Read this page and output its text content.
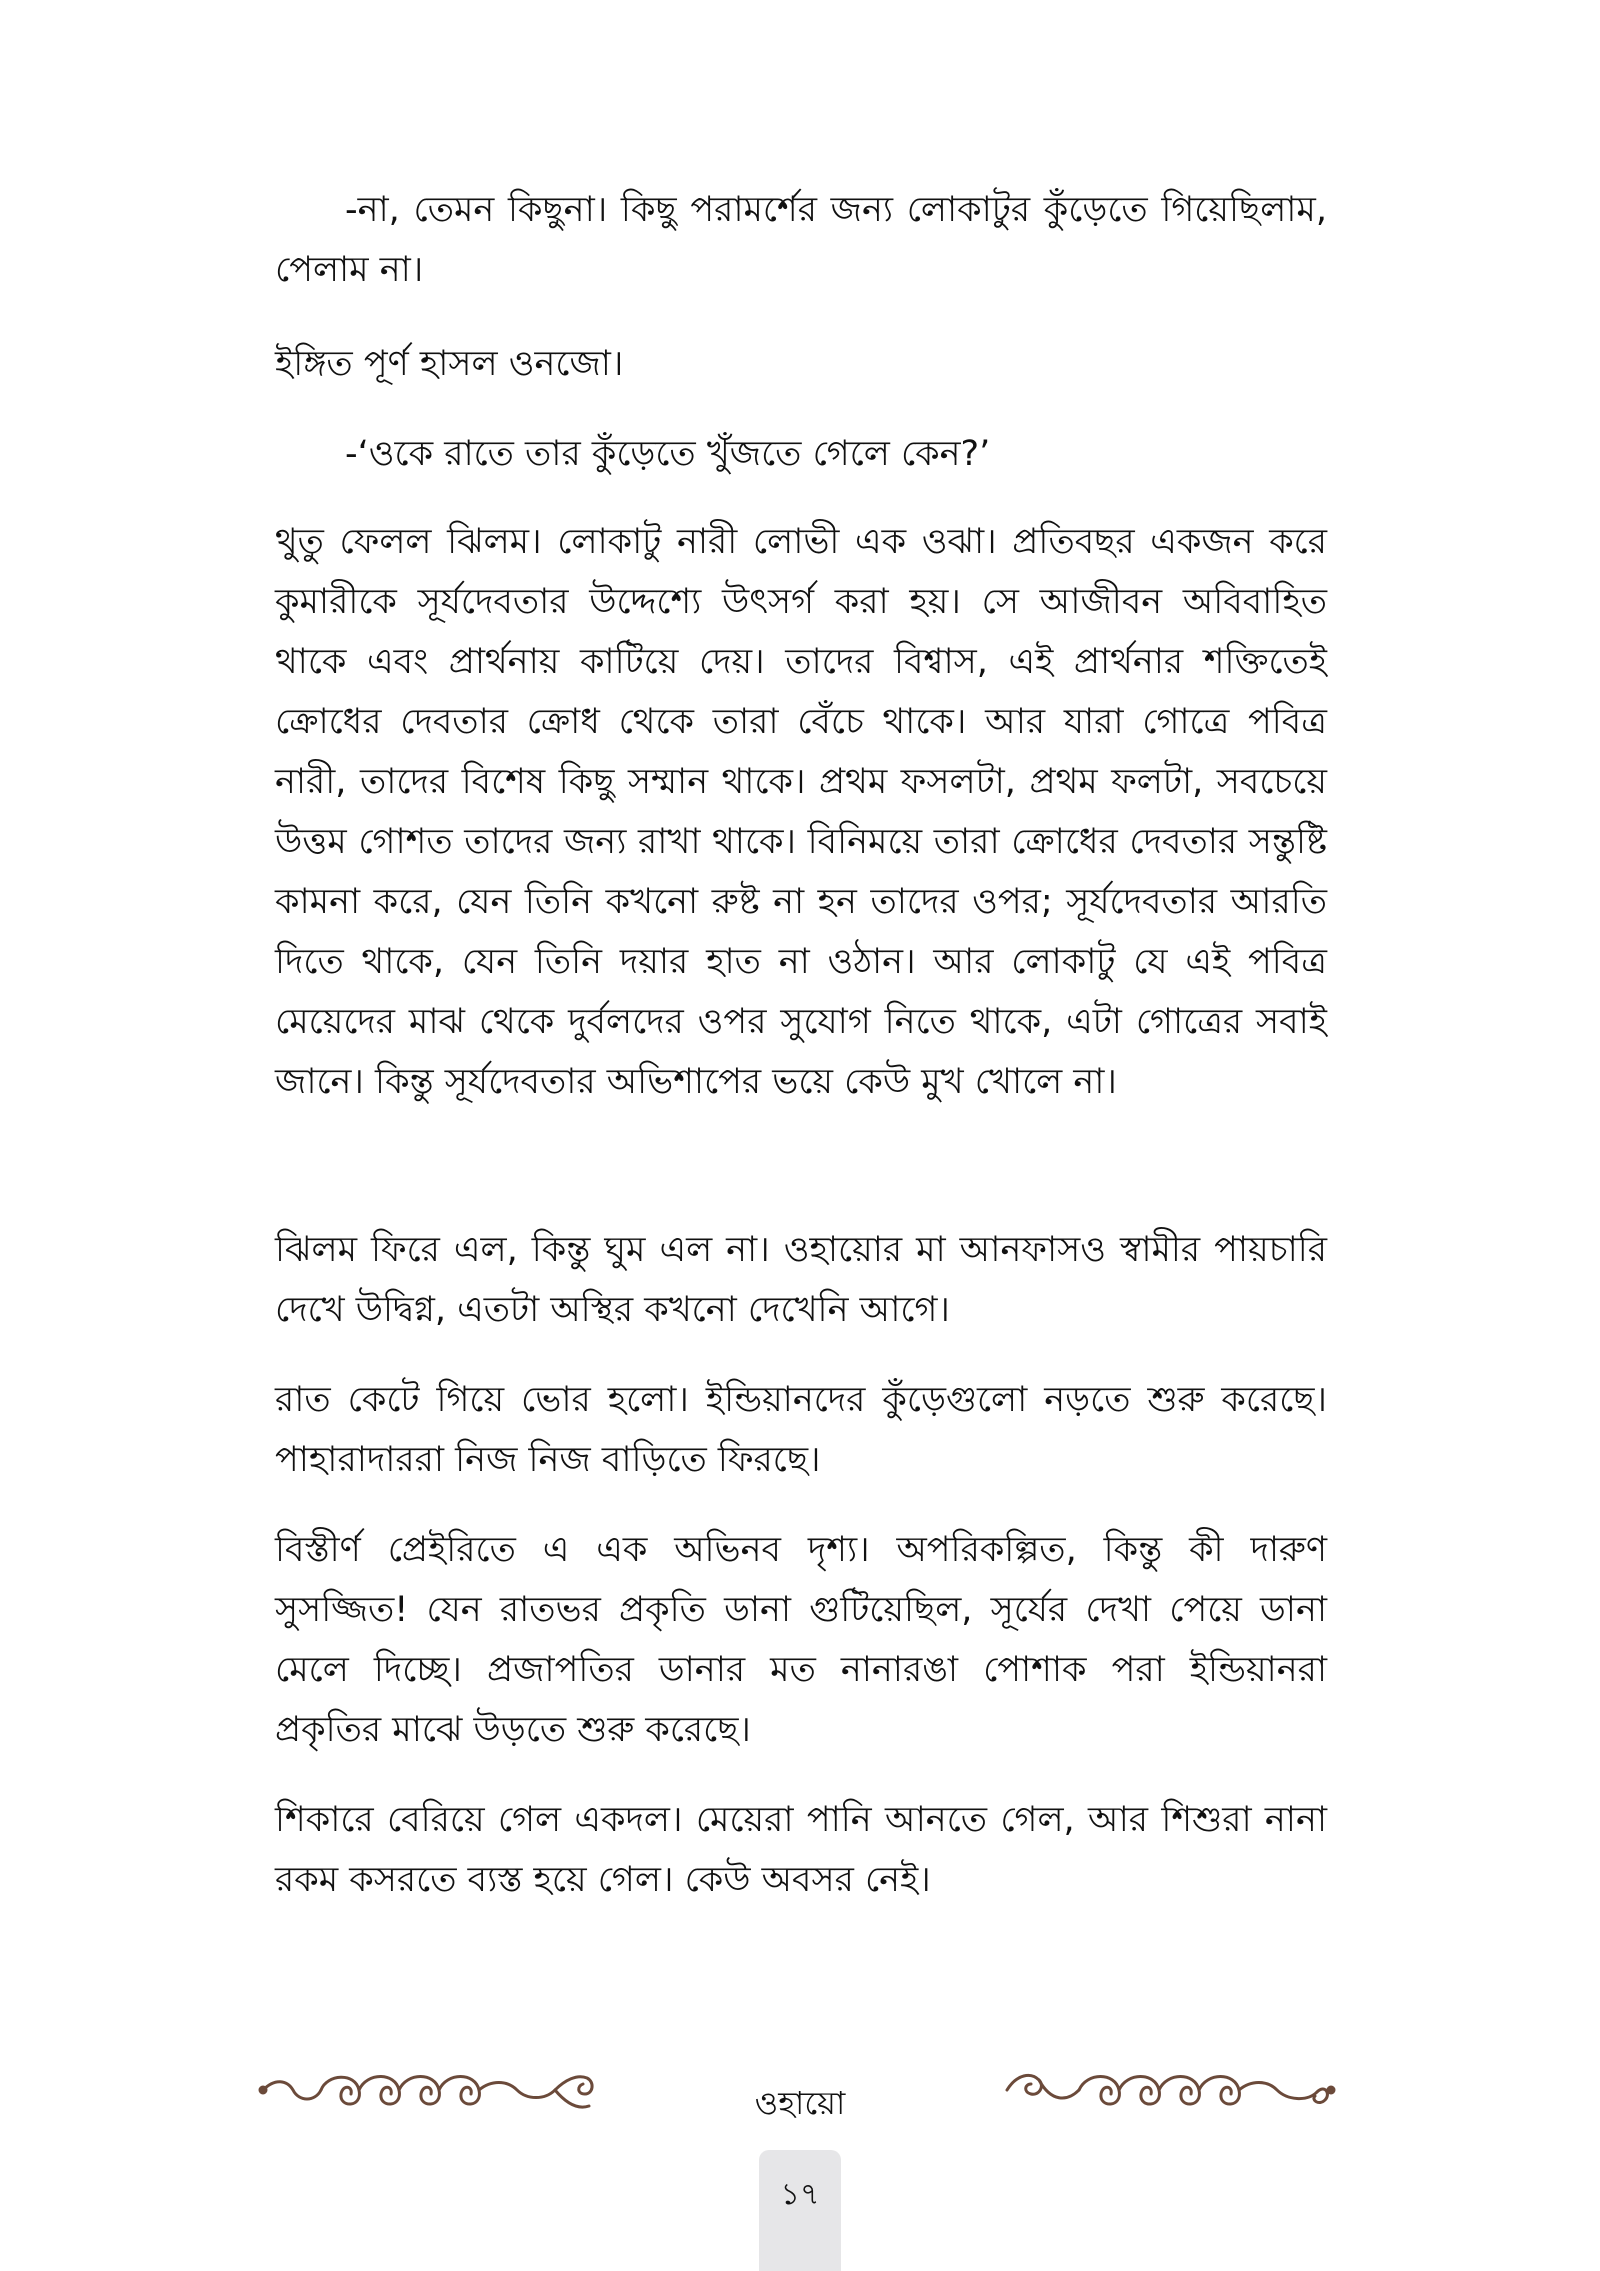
-না, তেমন কিছুনা। কিছু পরামর্শের জন্য লোকাটুর কুঁড়েতে গিয়েছিলাম, পেলাম না।

ইঙ্গিত পূর্ণ হাসল ওনজো।

-‘ওকে রাতে তার কুঁড়েতে খুঁজতে গেলে কেন?’

থুতু ফেলল ঝিলম। লোকাটু নারী লোভী এক ওঝা। প্রতিবছর একজন করে কুমারীকে সূর্যদেবতার উদ্দেশ্যে উৎসর্গ করা হয়। সে আজীবন অবিবাহিত থাকে এবং প্রার্থনায় কাটিয়ে দেয়। তাদের বিশ্বাস, এই প্রার্থনার শক্তিতেই ক্রোধের দেবতার ক্রোধ থেকে তারা বেঁচে থাকে। আর যারা গোত্রে পবিত্র নারী, তাদের বিশেষ কিছু সম্মান থাকে। প্রথম ফসলটা, প্রথম ফলটা, সবচেয়ে উত্তম গোশত তাদের জন্য রাখা থাকে। বিনিময়ে তারা ক্রোধের দেবতার সন্তুষ্টি কামনা করে, যেন তিনি কখনো রুষ্ট না হন তাদের ওপর; সূর্যদেবতার আরতি দিতে থাকে, যেন তিনি দয়ার হাত না ওঠান। আর লোকাটু যে এই পবিত্র মেয়েদের মাঝ থেকে দুর্বলদের ওপর সুযোগ নিতে থাকে, এটা গোত্রের সবাই জানে। কিন্তু সূর্যদেবতার অভিশাপের ভয়ে কেউ মুখ খোলে না।

ঝিলম ফিরে এল, কিন্তু ঘুম এল না। ওহায়োর মা আনফাসও স্বামীর পায়চারি দেখে উদ্বিগ্ন, এতটা অস্থির কখনো দেখেনি আগে।

রাত কেটে গিয়ে ভোর হলো। ইন্ডিয়ানদের কুঁড়েগুলো নড়তে শুরু করেছে। পাহারাদাররা নিজ নিজ বাড়িতে ফিরছে।

বিস্তীর্ণ প্রেইরিতে এ এক অভিনব দৃশ্য। অপরিকল্পিত, কিন্তু কী দারুণ সুসজ্জিত! যেন রাতভর প্রকৃতি ডানা গুটিয়েছিল, সূর্যের দেখা পেয়ে ডানা মেলে দিচ্ছে। প্রজাপতির ডানার মত নানারঙা পোশাক পরা ইন্ডিয়ানরা প্রকৃতির মাঝে উড়তে শুরু করেছে।

শিকারে বেরিয়ে গেল একদল। মেয়েরা পানি আনতে গেল, আর শিশুরা নানা রকম কসরতে ব্যস্ত হয়ে গেল। কেউ অবসর নেই।

ওহায়ো
১৭
